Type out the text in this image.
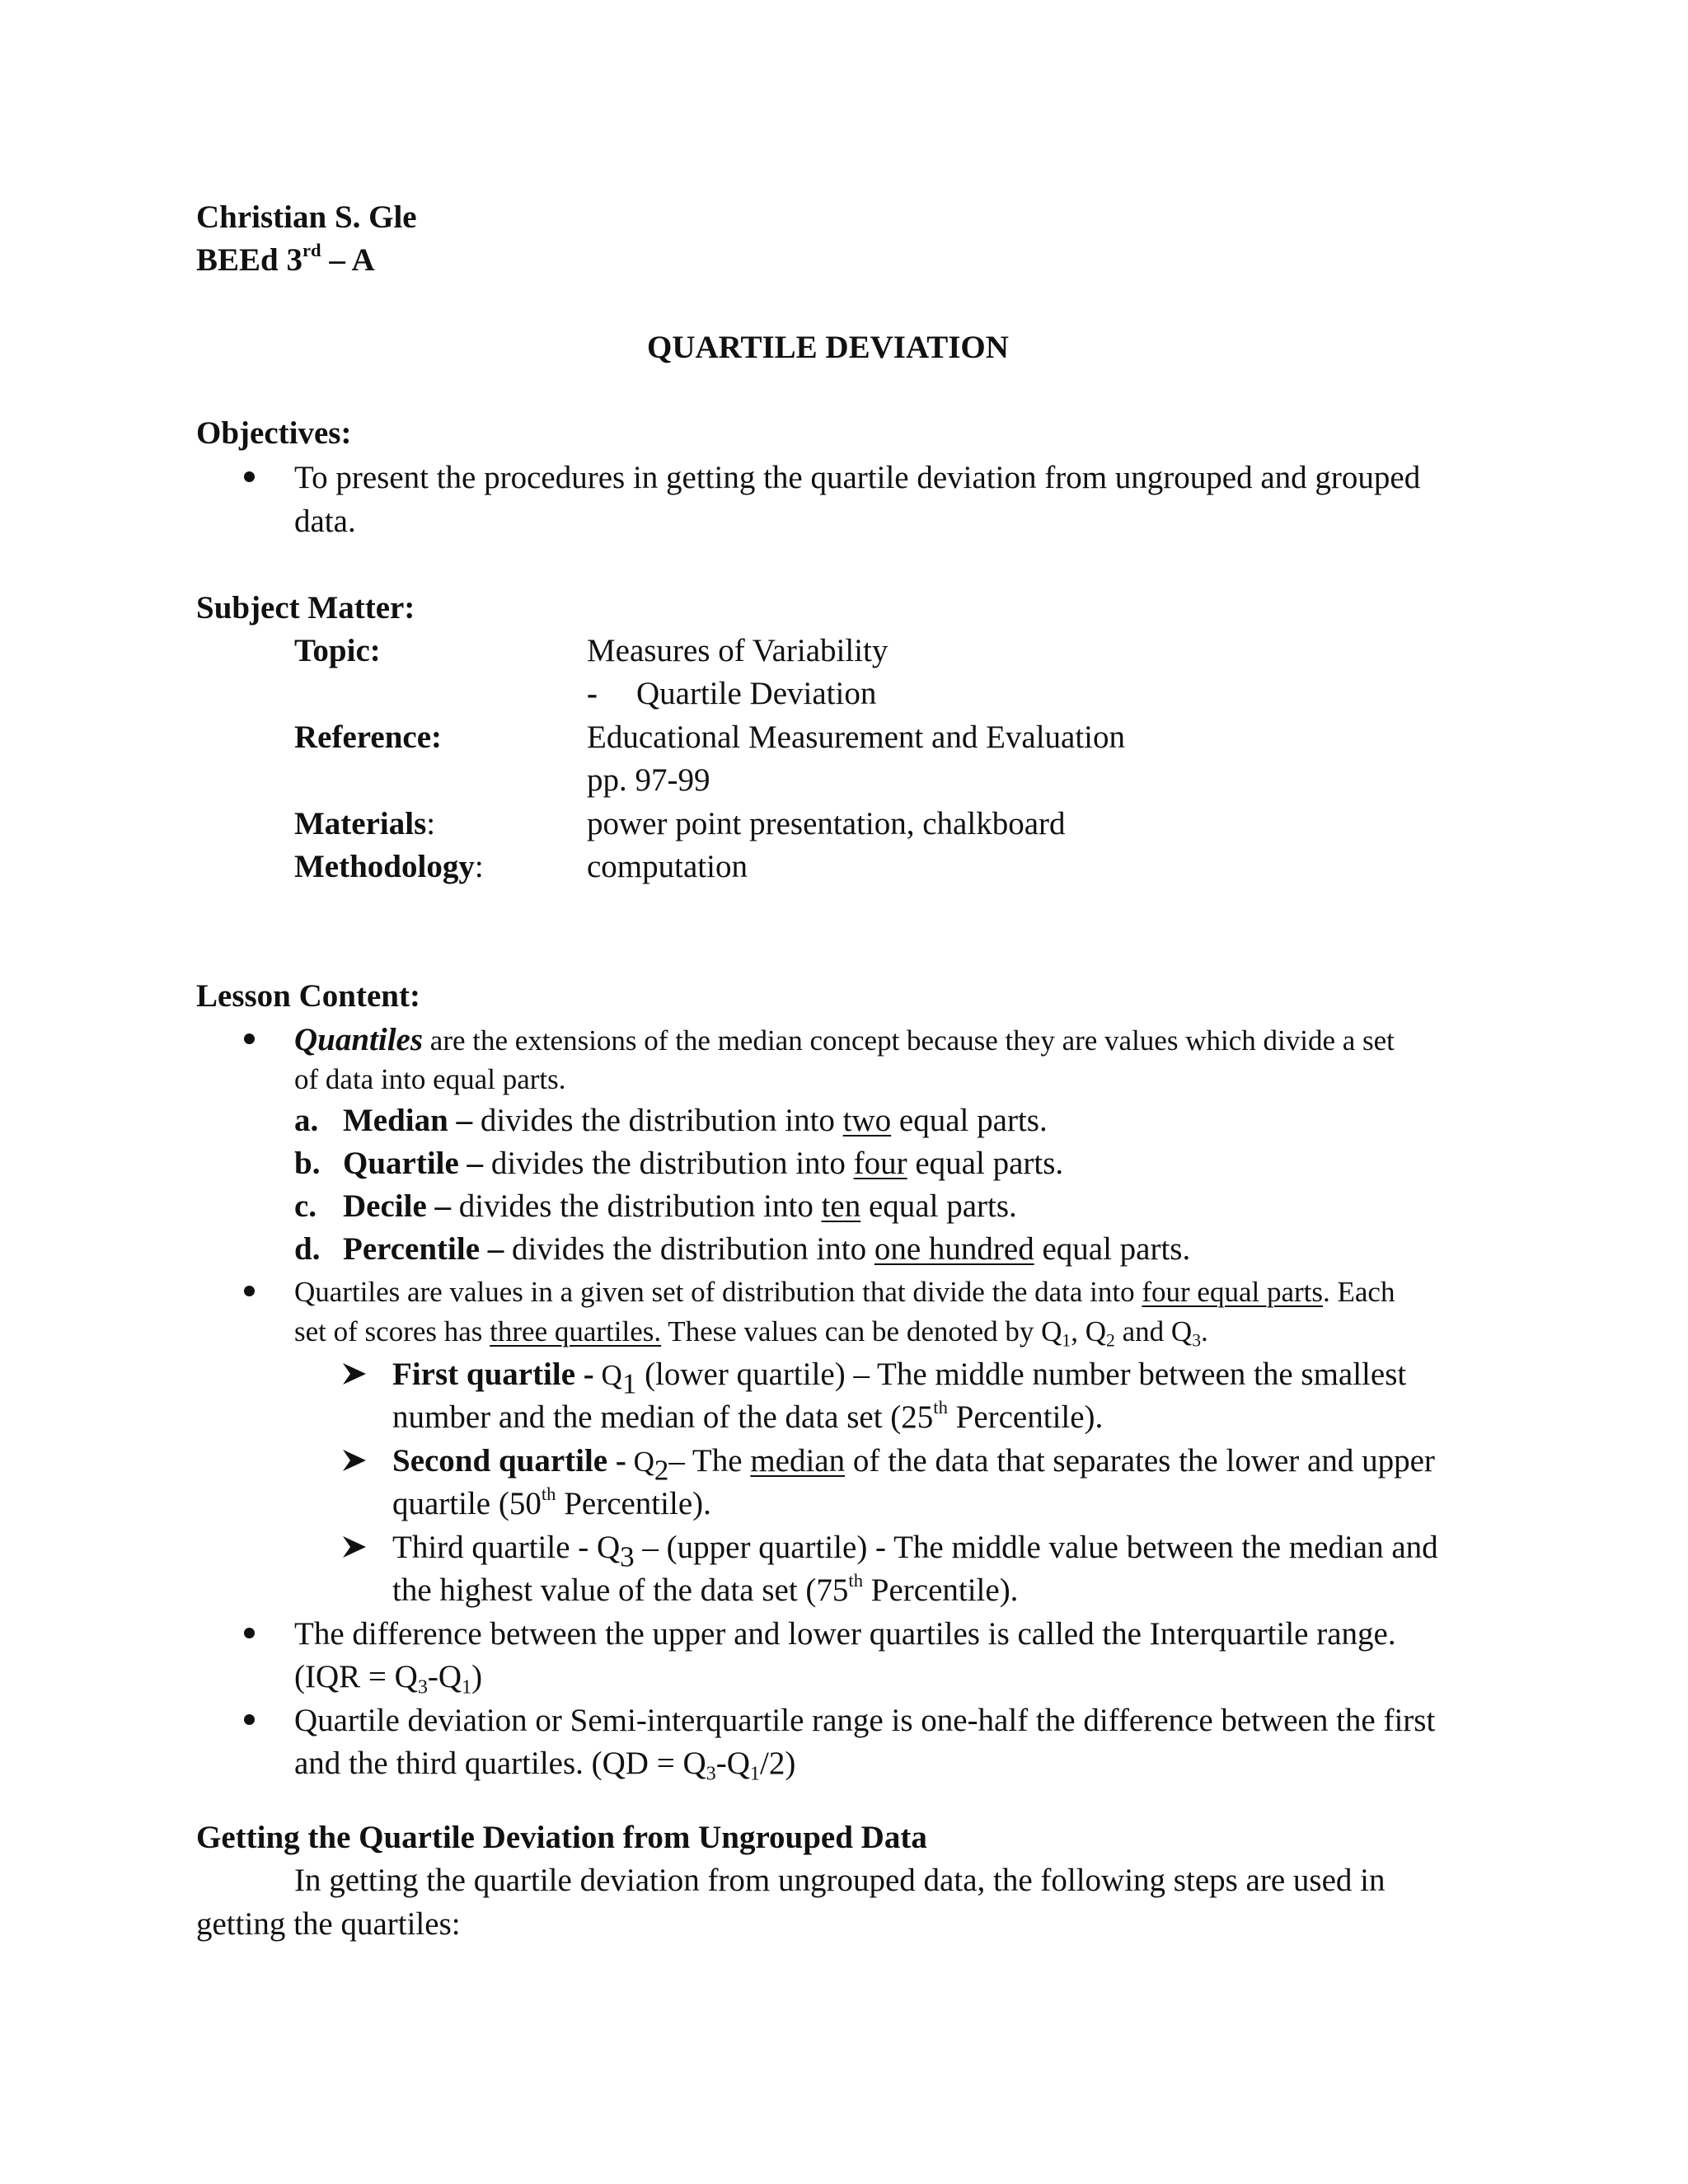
Christian S. Gle
BEEd 3rd – A
QUARTILE DEVIATION
Objectives:
To present the procedures in getting the quartile deviation from ungrouped and grouped
data.
Subject Matter:
Topic:	Measures of Variability
- Quartile Deviation
Reference:	Educational Measurement and Evaluation
pp. 97-99
Materials:	power point presentation, chalkboard
Methodology:	computation
Lesson Content:
Quantiles are the extensions of the median concept because they are values which divide a set
of data into equal parts.
a. Median – divides the distribution into two equal parts.
b. Quartile – divides the distribution into four equal parts.
c. Decile – divides the distribution into ten equal parts.
d. Percentile – divides the distribution into one hundred equal parts.
Quartiles are values in a given set of distribution that divide the data into four equal parts. Each
set of scores has three quartiles. These values can be denoted by $Q_1$, $Q_2$ and $Q_3$.
First quartile - $Q_1$ (lower quartile) – The middle number between the smallest
number and the median of the data set (25th Percentile).
Second quartile - $Q_2-$ The median of the data that separates the lower and upper
quartile (50th Percentile).
Third quartile - $Q_3$ – (upper quartile) - The middle value between the median and
the highest value of the data set (75th Percentile).
The difference between the upper and lower quartiles is called the Interquartile range.
$(IQR = Q_3-Q_1)$
Quartile deviation or Semi-interquartile range is one-half the difference between the first
and the third quartiles. $(QD = Q_3-Q_1/2)$
Getting the Quartile Deviation from Ungrouped Data
In getting the quartile deviation from ungrouped data, the following steps are used in
getting the quartiles:
